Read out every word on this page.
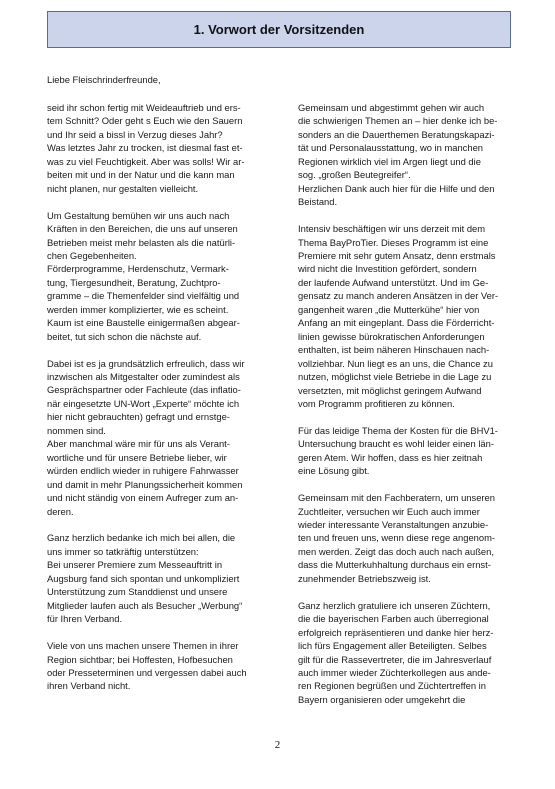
1. Vorwort der Vorsitzenden
Liebe Fleischrinderfreunde,
seid ihr schon fertig mit Weideauftrieb und ers-
tem Schnitt? Oder geht s Euch wie den Sauern
und Ihr seid a bissl in Verzug dieses Jahr?
Was letztes Jahr zu trocken, ist diesmal fast et-
was zu viel Feuchtigkeit. Aber was solls! Wir ar-
beiten mit und in der Natur und die kann man
nicht planen, nur gestalten vielleicht.
Um Gestaltung bemühen wir uns auch nach
Kräften in den Bereichen, die uns auf unseren
Betrieben meist mehr belasten als die natürli-
chen Gegebenheiten.
Förderprogramme, Herdenschutz, Vermark-
tung, Tiergesundheit, Beratung, Zuchtpro-
gramme – die Themenfelder sind vielfältig und
werden immer komplizierter, wie es scheint.
Kaum ist eine Baustelle einigermaßen abgear-
beitet, tut sich schon die nächste auf.
Dabei ist es ja grundsätzlich erfreulich, dass wir
inzwischen als Mitgestalter oder zumindest als
Gesprächspartner oder Fachleute (das inflatio-
när eingesetzte UN-Wort „Experte“ möchte ich
hier nicht gebrauchten) gefragt und ernstge-
nommen sind.
Aber manchmal wäre mir für uns als Verant-
wortliche und für unsere Betriebe lieber, wir
würden endlich wieder in ruhigere Fahrwasser
und damit in mehr Planungssicherheit kommen
und nicht ständig von einem Aufreger zum an-
deren.
Ganz herzlich bedanke ich mich bei allen, die
uns immer so tatkräftig unterstützen:
Bei unserer Premiere zum Messeauftritt in
Augsburg fand sich spontan und unkompliziert
Unterstützung zum Standdienst und unsere
Mitglieder laufen auch als Besucher „Werbung“
für Ihren Verband.
Viele von uns machen unsere Themen in ihrer
Region sichtbar; bei Hoffesten, Hofbesuchen
oder Presseterminen und vergessen dabei auch
ihren Verband nicht.
Gemeinsam und abgestimmt gehen wir auch
die schwierigen Themen an – hier denke ich be-
sonders an die Dauerthemen Beratungskapazi-
tät und Personalausstattung, wo in manchen
Regionen wirklich viel im Argen liegt und die
sog. „großen Beutegreifer“.
Herzlichen Dank auch hier für die Hilfe und den
Beistand.
Intensiv beschäftigen wir uns derzeit mit dem
Thema BayProTier. Dieses Programm ist eine
Premiere mit sehr gutem Ansatz, denn erstmals
wird nicht die Investition gefördert, sondern
der laufende Aufwand unterstützt. Und im Ge-
gensatz zu manch anderen Ansätzen in der Ver-
gangenheit waren „die Mutterkühe“ hier von
Anfang an mit eingeplant. Dass die Förderricht-
linien gewisse bürokratischen Anforderungen
enthalten, ist beim näheren Hinschauen nach-
vollziehbar. Nun liegt es an uns, die Chance zu
nutzen, möglichst viele Betriebe in die Lage zu
versetzten, mit möglichst geringem Aufwand
vom Programm profitieren zu können.
Für das leidige Thema der Kosten für die BHV1-
Untersuchung braucht es wohl leider einen län-
geren Atem. Wir hoffen, dass es hier zeitnah
eine Lösung gibt.
Gemeinsam mit den Fachberatern, um unseren
Zuchtleiter, versuchen wir Euch auch immer
wieder interessante Veranstaltungen anzubie-
ten und freuen uns, wenn diese rege angenom-
men werden. Zeigt das doch auch nach außen,
dass die Mutterkuhhaltung durchaus ein ernst-
zunehmender Betriebszweig ist.
Ganz herzlich gratuliere ich unseren Züchtern,
die die bayerischen Farben auch überregional
erfolgreich repräsentieren und danke hier herz-
lich fürs Engagement aller Beteiligten. Selbes
gilt für die Rassevertreter, die im Jahresverlauf
auch immer wieder Züchterkollegen aus ande-
ren Regionen begrüßen und Züchtertreffen in
Bayern organisieren oder umgekehrt die
2
